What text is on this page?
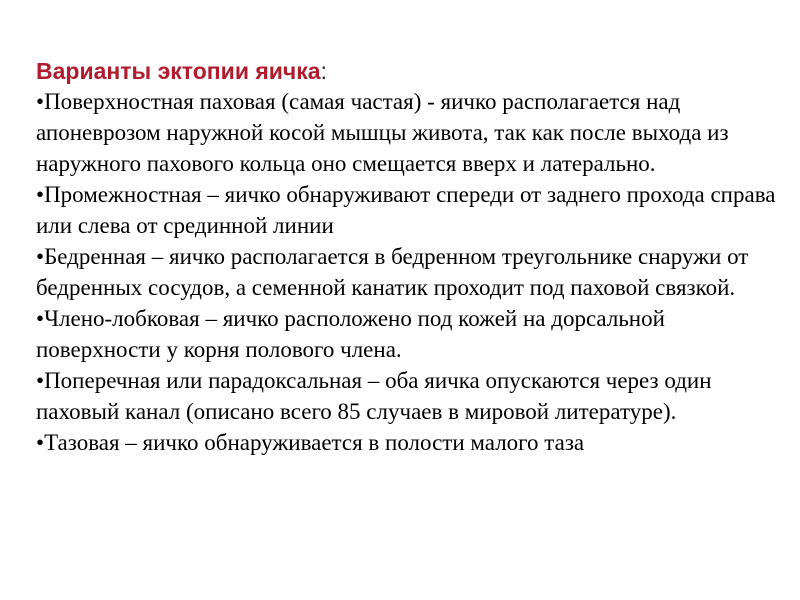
Варианты эктопии яичка:

•Поверхностная паховая (самая частая) - яичко располагается над апоневрозом наружной косой мышцы живота, так как после выхода из наружного пахового кольца оно смещается вверх и латерально.

•Промежностная – яичко обнаруживают спереди от заднего прохода справа или слева от срединной линии

•Бедренная – яичко располагается в бедренном треугольнике снаружи от бедренных сосудов, а семенной канатик проходит под паховой связкой.

•Члено-лобковая – яичко расположено под кожей на дорсальной поверхности у корня полового члена.

•Поперечная или парадоксальная – оба яичка опускаются через один паховый канал (описано всего 85 случаев в мировой литературе).

•Тазовая – яичко обнаруживается в полости малого таза
